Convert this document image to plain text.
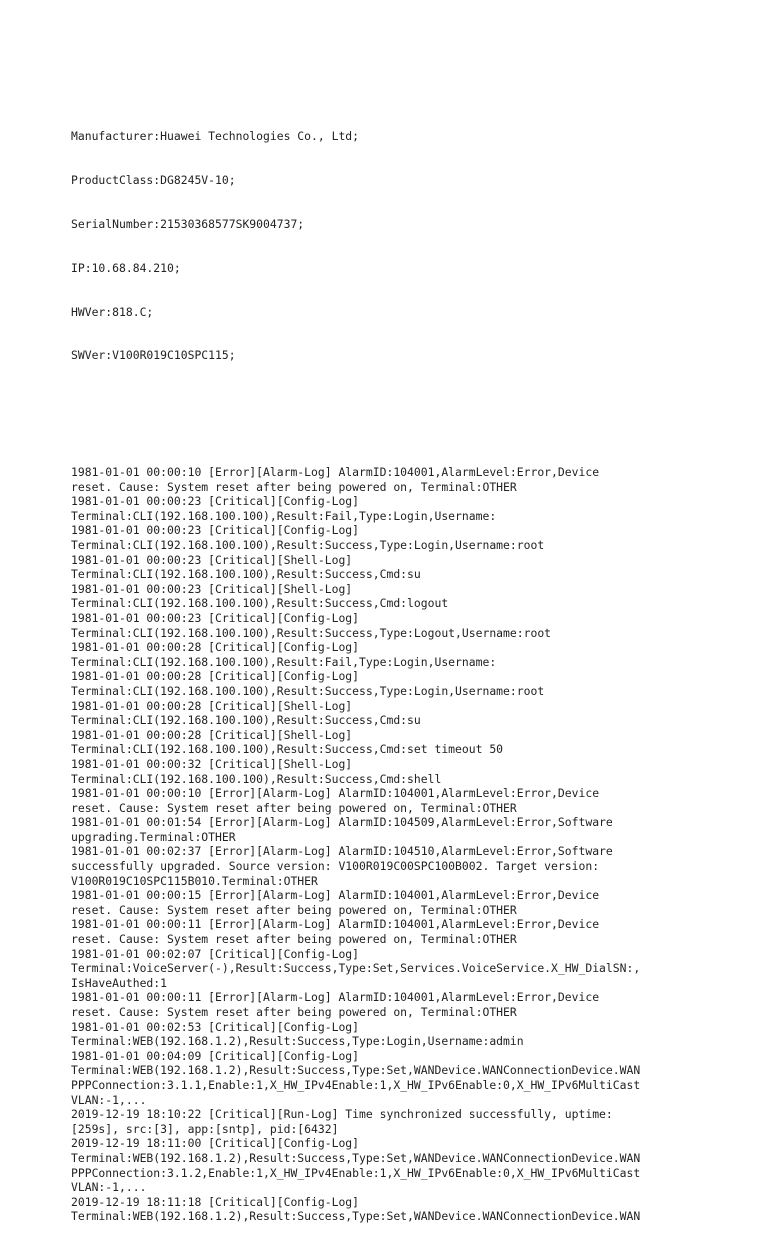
Manufacturer:Huawei Technologies Co., Ltd;

ProductClass:DG8245V-10;

SerialNumber:21530368577SK9004737;

IP:10.68.84.210;

HWVer:818.C;

SWVer:V100R019C10SPC115;

1981-01-01 00:00:10 [Error][Alarm-Log] AlarmID:104001,AlarmLevel:Error,Device
reset. Cause: System reset after being powered on, Terminal:OTHER
1981-01-01 00:00:23 [Critical][Config-Log]
Terminal:CLI(192.168.100.100),Result:Fail,Type:Login,Username:
1981-01-01 00:00:23 [Critical][Config-Log]
Terminal:CLI(192.168.100.100),Result:Success,Type:Login,Username:root
1981-01-01 00:00:23 [Critical][Shell-Log]
Terminal:CLI(192.168.100.100),Result:Success,Cmd:su
1981-01-01 00:00:23 [Critical][Shell-Log]
Terminal:CLI(192.168.100.100),Result:Success,Cmd:logout
1981-01-01 00:00:23 [Critical][Config-Log]
Terminal:CLI(192.168.100.100),Result:Success,Type:Logout,Username:root
1981-01-01 00:00:28 [Critical][Config-Log]
Terminal:CLI(192.168.100.100),Result:Fail,Type:Login,Username:
1981-01-01 00:00:28 [Critical][Config-Log]
Terminal:CLI(192.168.100.100),Result:Success,Type:Login,Username:root
1981-01-01 00:00:28 [Critical][Shell-Log]
Terminal:CLI(192.168.100.100),Result:Success,Cmd:su
1981-01-01 00:00:28 [Critical][Shell-Log]
Terminal:CLI(192.168.100.100),Result:Success,Cmd:set timeout 50
1981-01-01 00:00:32 [Critical][Shell-Log]
Terminal:CLI(192.168.100.100),Result:Success,Cmd:shell
1981-01-01 00:00:10 [Error][Alarm-Log] AlarmID:104001,AlarmLevel:Error,Device
reset. Cause: System reset after being powered on, Terminal:OTHER
1981-01-01 00:01:54 [Error][Alarm-Log] AlarmID:104509,AlarmLevel:Error,Software
upgrading.Terminal:OTHER
1981-01-01 00:02:37 [Error][Alarm-Log] AlarmID:104510,AlarmLevel:Error,Software
successfully upgraded. Source version: V100R019C00SPC100B002. Target version:
V100R019C10SPC115B010.Terminal:OTHER
1981-01-01 00:00:15 [Error][Alarm-Log] AlarmID:104001,AlarmLevel:Error,Device
reset. Cause: System reset after being powered on, Terminal:OTHER
1981-01-01 00:00:11 [Error][Alarm-Log] AlarmID:104001,AlarmLevel:Error,Device
reset. Cause: System reset after being powered on, Terminal:OTHER
1981-01-01 00:02:07 [Critical][Config-Log]
Terminal:VoiceServer(-),Result:Success,Type:Set,Services.VoiceService.X_HW_DialSN:,
IsHaveAuthed:1
1981-01-01 00:00:11 [Error][Alarm-Log] AlarmID:104001,AlarmLevel:Error,Device
reset. Cause: System reset after being powered on, Terminal:OTHER
1981-01-01 00:02:53 [Critical][Config-Log]
Terminal:WEB(192.168.1.2),Result:Success,Type:Login,Username:admin
1981-01-01 00:04:09 [Critical][Config-Log]
Terminal:WEB(192.168.1.2),Result:Success,Type:Set,WANDevice.WANConnectionDevice.WAN
PPPConnection:3.1.1,Enable:1,X_HW_IPv4Enable:1,X_HW_IPv6Enable:0,X_HW_IPv6MultiCast
VLAN:-1,...
2019-12-19 18:10:22 [Critical][Run-Log] Time synchronized successfully, uptime:
[259s], src:[3], app:[sntp], pid:[6432]
2019-12-19 18:11:00 [Critical][Config-Log]
Terminal:WEB(192.168.1.2),Result:Success,Type:Set,WANDevice.WANConnectionDevice.WAN
PPPConnection:3.1.2,Enable:1,X_HW_IPv4Enable:1,X_HW_IPv6Enable:0,X_HW_IPv6MultiCast
VLAN:-1,...
2019-12-19 18:11:18 [Critical][Config-Log]
Terminal:WEB(192.168.1.2),Result:Success,Type:Set,WANDevice.WANConnectionDevice.WAN
